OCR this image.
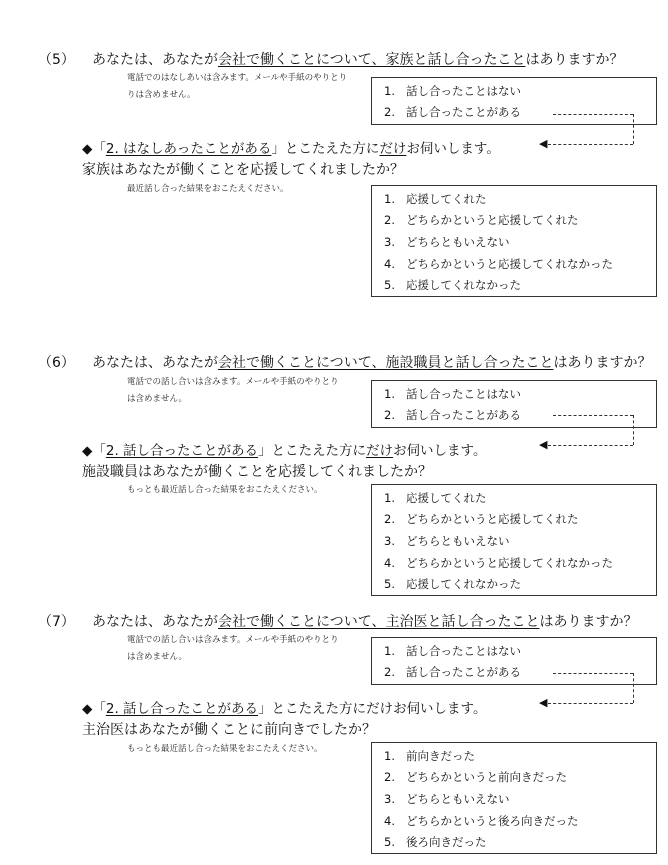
（5） あなたは、あなたが会社で働くことについて、家族と話し合ったことはありますか？
電話でのはなしあいは含みます。メールや手紙のやりとり
りは含めません。	1. 話し合ったことはない
2. 話し合ったことがある
◀
◆「2. はなしあったことがある」とこたえた方にだけお伺いします。
家族はあなたが働くことを応援してくれましたか？
最近話し合った結果をおこたえください。
1. 応援してくれた
2. どちらかというと応援してくれた
3. どちらともいえない
4. どちらかというと応援してくれなかった
5. 応援してくれなかった
（6） あなたは、あなたが会社で働くことについて、施設職員と話し合ったことはありますか？
電話での話し合いは含みます。メールや手紙のやりとり
は含めません。	1. 話し合ったことはない
2. 話し合ったことがある
◀
◆「2. 話し合ったことがある」とこたえた方にだけお伺いします。
施設職員はあなたが働くことを応援してくれましたか？
もっとも最近話し合った結果をおこたえください。
1. 応援してくれた
2. どちらかというと応援してくれた
3. どちらともいえない
4. どちらかというと応援してくれなかった
5. 応援してくれなかった
（7） あなたは、あなたが会社で働くことについて、主治医と話し合ったことはありますか？
電話での話し合いは含みます。メールや手紙のやりとり
は含めません。	1. 話し合ったことはない
2. 話し合ったことがある
◀
◆「2. 話し合ったことがある」とこたえた方にだけお伺いします。
主治医はあなたが働くことに前向きでしたか？
もっとも最近話し合った結果をおこたえください。	1. 前向きだった
2. どちらかというと前向きだった
3. どちらともいえない
4. どちらかというと後ろ向きだった
5. 後ろ向きだった
